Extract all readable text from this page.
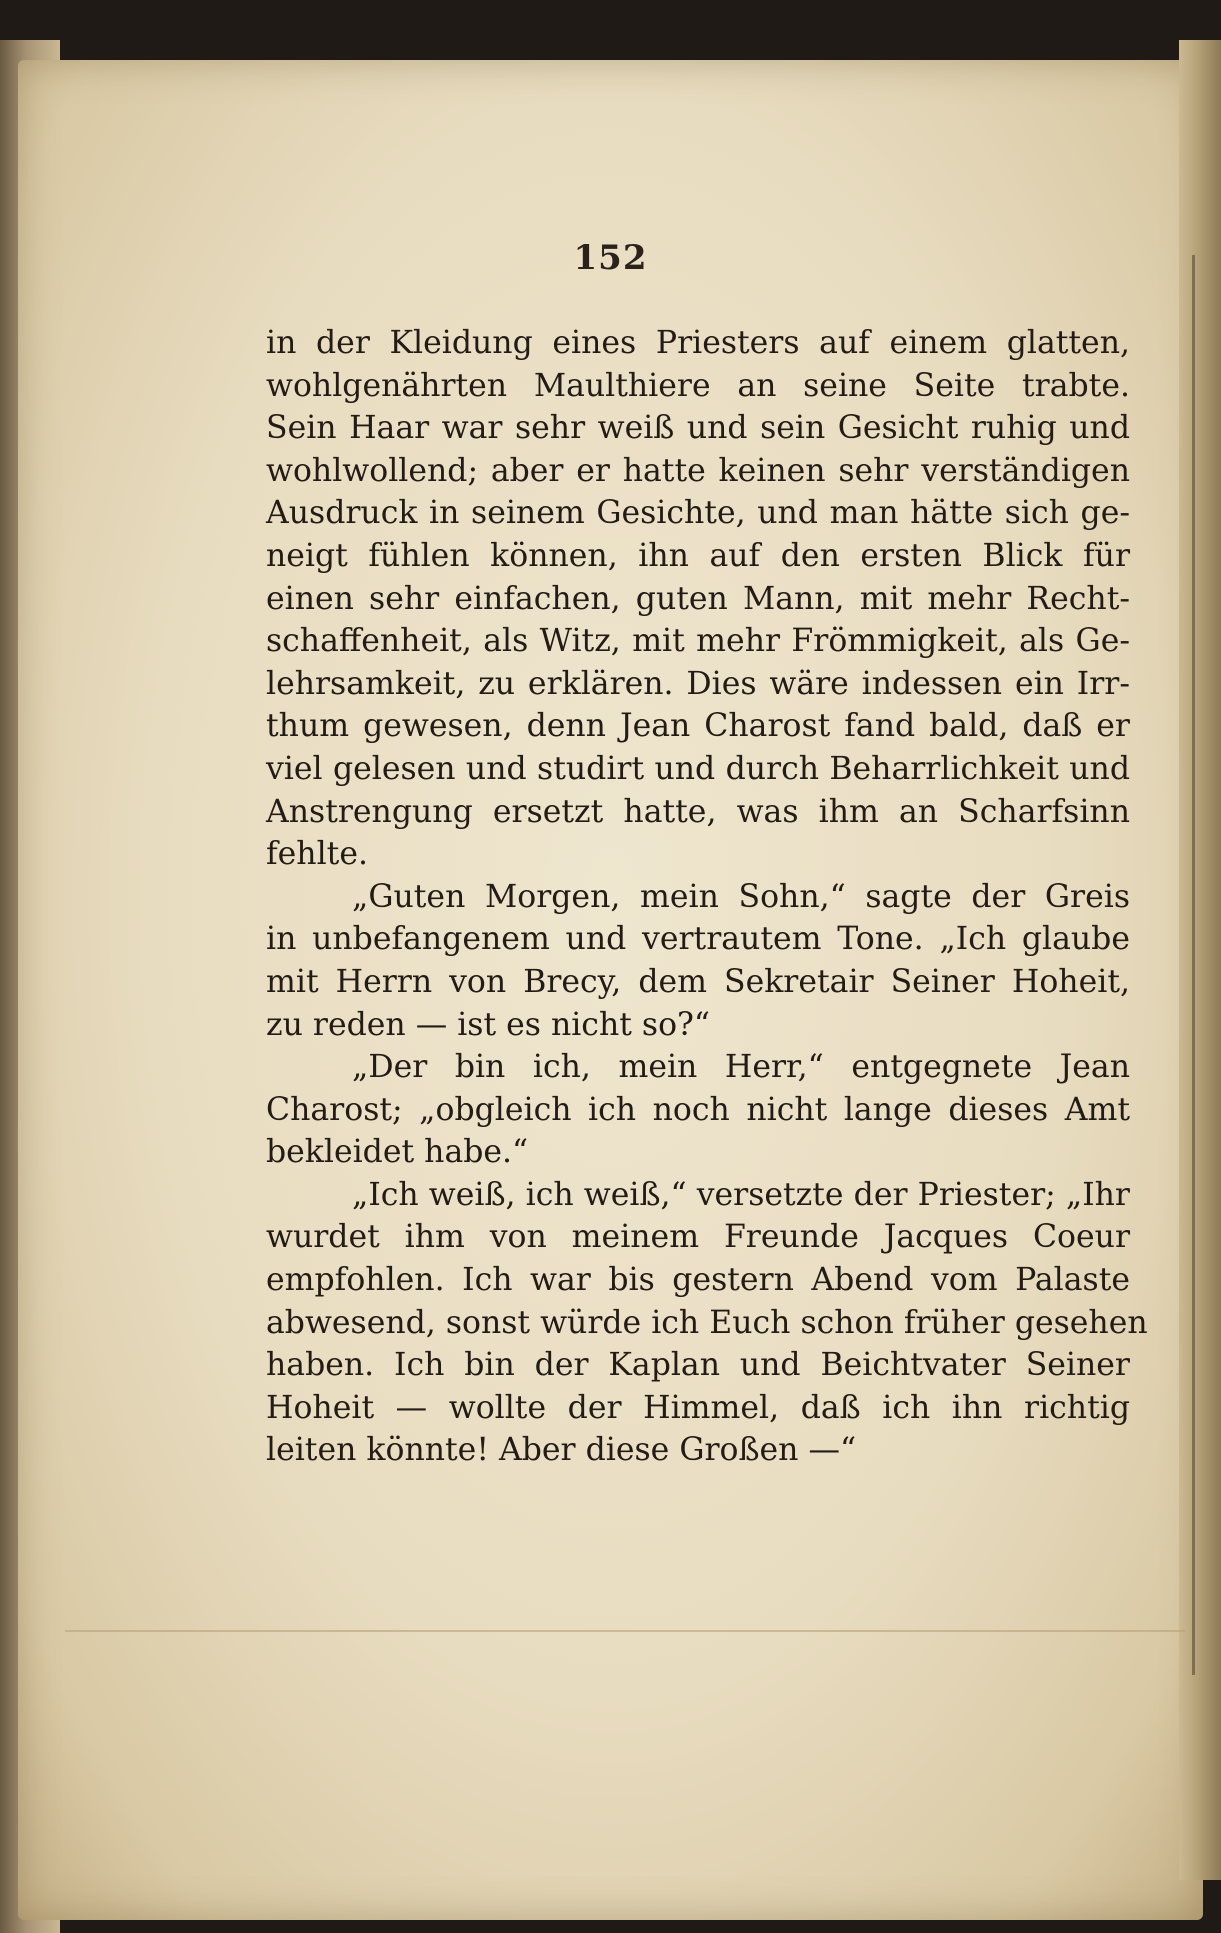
152
in der Kleidung eines Priesters auf einem glatten,
wohlgenährten Maulthiere an seine Seite trabte.
Sein Haar war sehr weiß und sein Gesicht ruhig und
wohlwollend; aber er hatte keinen sehr verständigen
Ausdruck in seinem Gesichte, und man hätte sich ge-
neigt fühlen können, ihn auf den ersten Blick für
einen sehr einfachen, guten Mann, mit mehr Recht-
schaffenheit, als Witz, mit mehr Frömmigkeit, als Ge-
lehrsamkeit, zu erklären. Dies wäre indessen ein Irr-
thum gewesen, denn Jean Charost fand bald, daß er
viel gelesen und studirt und durch Beharrlichkeit und
Anstrengung ersetzt hatte, was ihm an Scharfsinn
fehlte.
„Guten Morgen, mein Sohn,“ sagte der Greis
in unbefangenem und vertrautem Tone. „Ich glaube
mit Herrn von Brecy, dem Sekretair Seiner Hoheit,
zu reden — ist es nicht so?“
„Der bin ich, mein Herr,“ entgegnete Jean
Charost; „obgleich ich noch nicht lange dieses Amt
bekleidet habe.“
„Ich weiß, ich weiß,“ versetzte der Priester; „Ihr
wurdet ihm von meinem Freunde Jacques Coeur
empfohlen. Ich war bis gestern Abend vom Palaste
abwesend, sonst würde ich Euch schon früher gesehen
haben. Ich bin der Kaplan und Beichtvater Seiner
Hoheit — wollte der Himmel, daß ich ihn richtig
leiten könnte! Aber diese Großen —“
